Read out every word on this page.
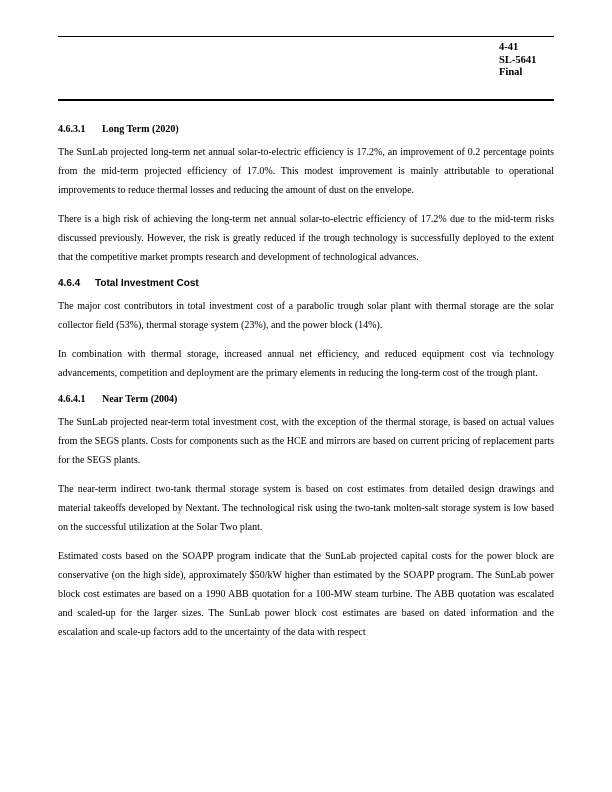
4-41
SL-5641
Final
4.6.3.1 Long Term (2020)

The SunLab projected long-term net annual solar-to-electric efficiency is 17.2%, an improvement of 0.2 percentage points from the mid-term projected efficiency of 17.0%. This modest improvement is mainly attributable to operational improvements to reduce thermal losses and reducing the amount of dust on the envelope.

There is a high risk of achieving the long-term net annual solar-to-electric efficiency of 17.2% due to the mid-term risks discussed previously. However, the risk is greatly reduced if the trough technology is successfully deployed to the extent that the competitive market prompts research and development of technological advances.

4.6.4 Total Investment Cost

The major cost contributors in total investment cost of a parabolic trough solar plant with thermal storage are the solar collector field (53%), thermal storage system (23%), and the power block (14%).

In combination with thermal storage, increased annual net efficiency, and reduced equipment cost via technology advancements, competition and deployment are the primary elements in reducing the long-term cost of the trough plant.

4.6.4.1 Near Term (2004)

The SunLab projected near-term total investment cost, with the exception of the thermal storage, is based on actual values from the SEGS plants. Costs for components such as the HCE and mirrors are based on current pricing of replacement parts for the SEGS plants.

The near-term indirect two-tank thermal storage system is based on cost estimates from detailed design drawings and material takeoffs developed by Nextant. The technological risk using the two-tank molten-salt storage system is low based on the successful utilization at the Solar Two plant.

Estimated costs based on the SOAPP program indicate that the SunLab projected capital costs for the power block are conservative (on the high side), approximately $50/kW higher than estimated by the SOAPP program. The SunLab power block cost estimates are based on a 1990 ABB quotation for a 100-MW steam turbine. The ABB quotation was escalated and scaled-up for the larger sizes. The SunLab power block cost estimates are based on dated information and the escalation and scale-up factors add to the uncertainty of the data with respect
